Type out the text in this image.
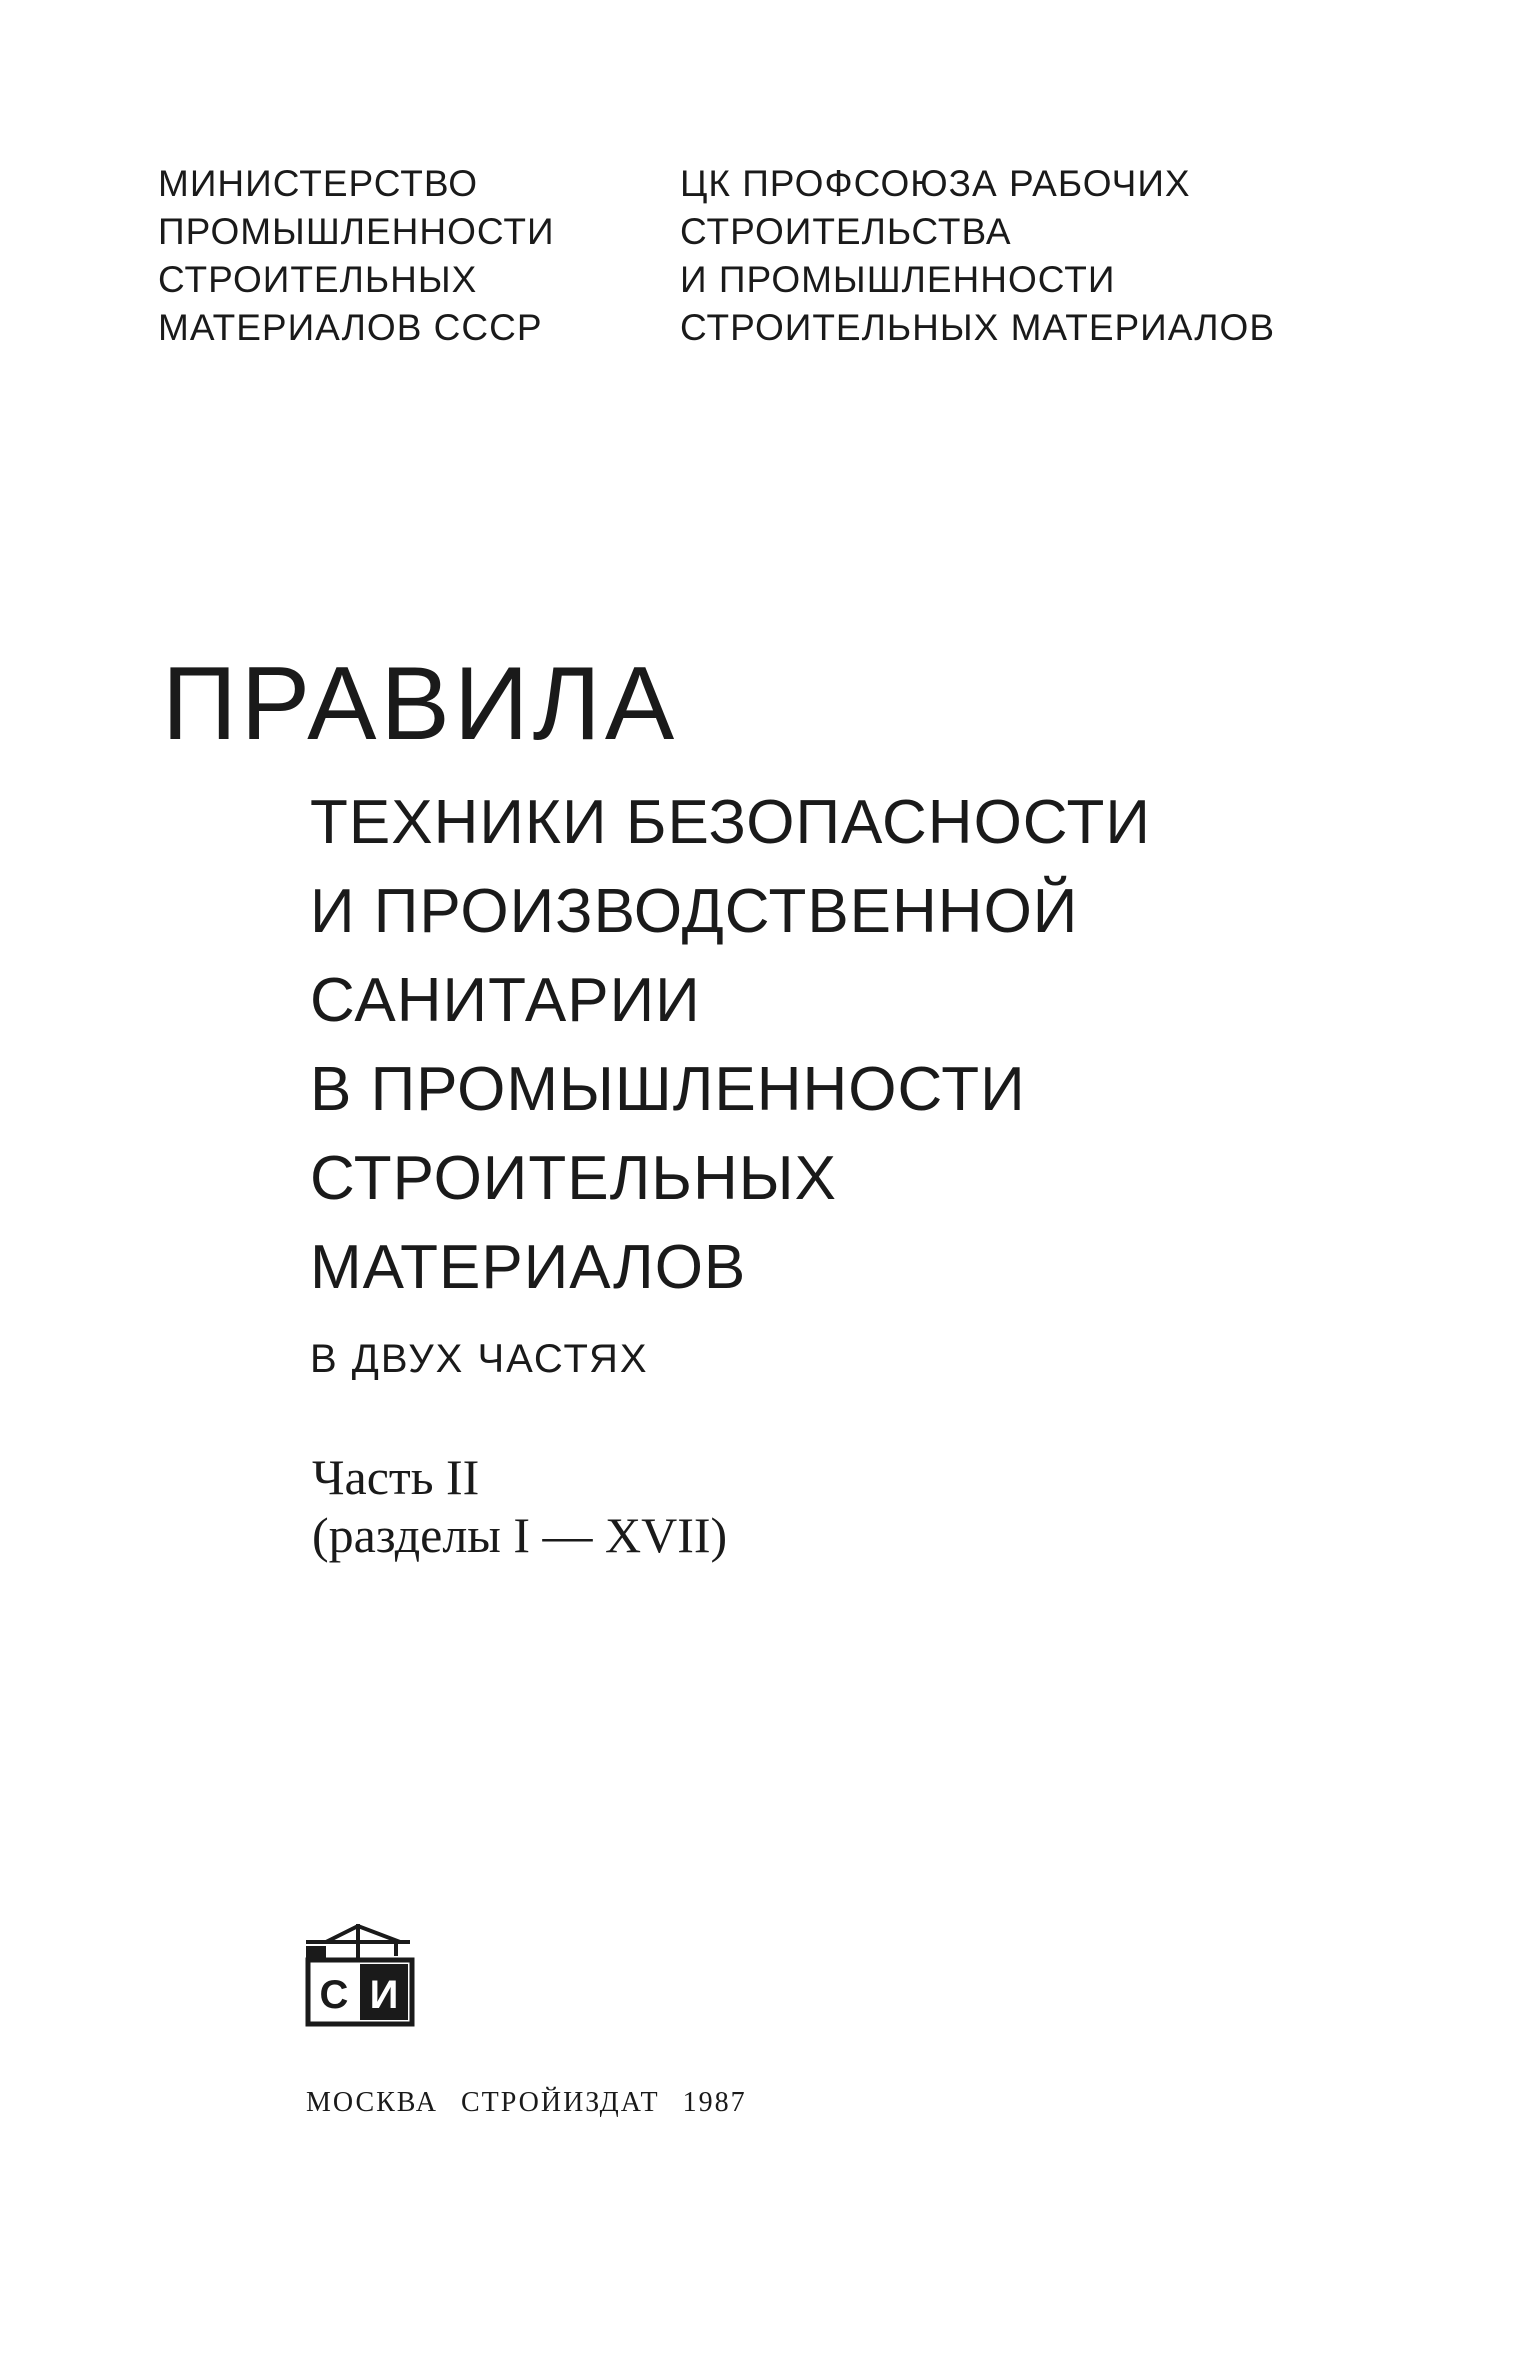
МИНИСТЕРСТВО
ПРОМЫШЛЕННОСТИ
СТРОИТЕЛЬНЫХ
МАТЕРИАЛОВ СССР
ЦК ПРОФСОЮЗА РАБОЧИХ
СТРОИТЕЛЬСТВА
И ПРОМЫШЛЕННОСТИ
СТРОИТЕЛЬНЫХ МАТЕРИАЛОВ
ПРАВИЛА
ТЕХНИКИ БЕЗОПАСНОСТИ
И ПРОИЗВОДСТВЕННОЙ
САНИТАРИИ
В ПРОМЫШЛЕННОСТИ
СТРОИТЕЛЬНЫХ
МАТЕРИАЛОВ
В ДВУХ ЧАСТЯХ
Часть II
(разделы I — XVII)
С И
МОСКВА СТРОЙИЗДАТ 1987
